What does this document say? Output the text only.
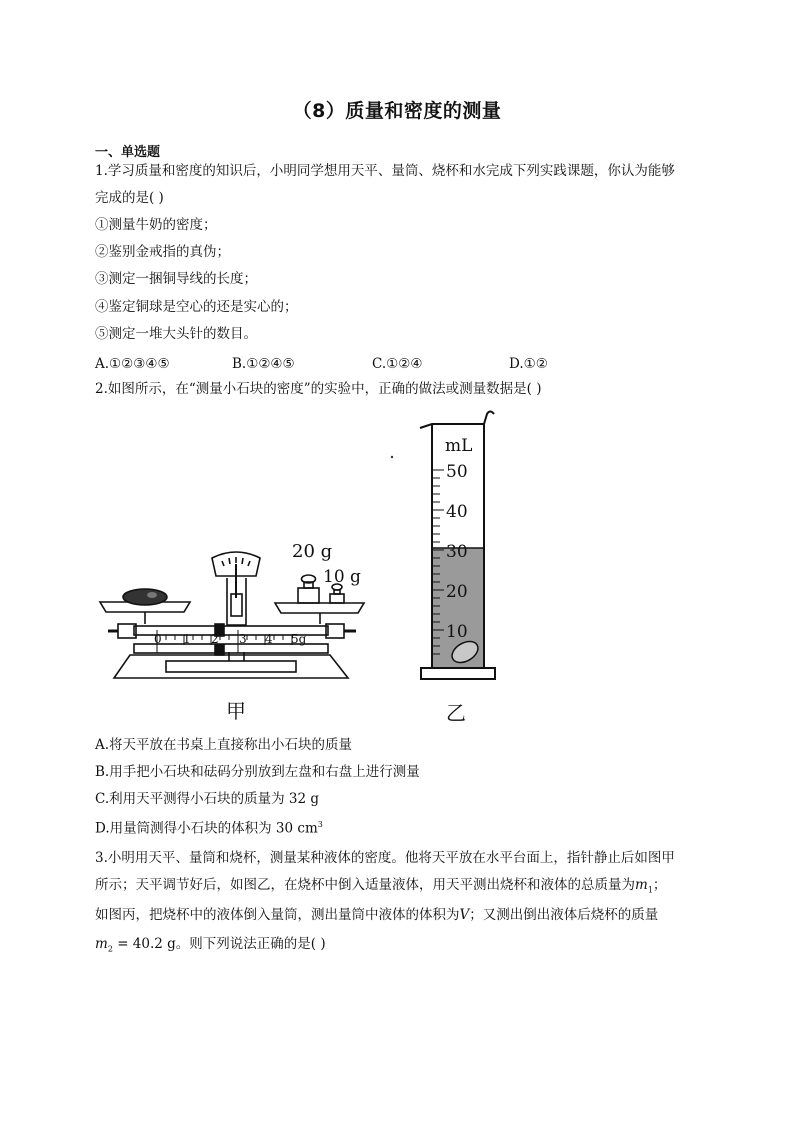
（8）质量和密度的测量
一、单选题
1.学习质量和密度的知识后，小明同学想用天平、量筒、烧杯和水完成下列实践课题，你认为能够
完成的是( )
①测量牛奶的密度；
②鉴别金戒指的真伪；
③测定一捆铜导线的长度；
④鉴定铜球是空心的还是实心的；
⑤测定一堆大头针的数目。
A.①②③④⑤	B.①②④⑤	C.①②④	D.①②
2.如图所示，在“测量小石块的密度”的实验中，正确的做法或测量数据是( )
20 g
10 g
0 1 2 3 4 5g
甲
mL
50
40
30
20
10
乙
A.将天平放在书桌上直接称出小石块的质量
B.用手把小石块和砝码分别放到左盘和右盘上进行测量
C.利用天平测得小石块的质量为 32 g
D.用量筒测得小石块的体积为 30 $cm^3$
3.小明用天平、量筒和烧杯，测量某种液体的密度。他将天平放在水平台面上，指针静止后如图甲
所示；天平调节好后，如图乙，在烧杯中倒入适量液体，用天平测出烧杯和液体的总质量为$m_1$；
如图丙，把烧杯中的液体倒入量筒，测出量筒中液体的体积为V；又测出倒出液体后烧杯的质量
$m_2 = 40.2$ g。则下列说法正确的是( )
